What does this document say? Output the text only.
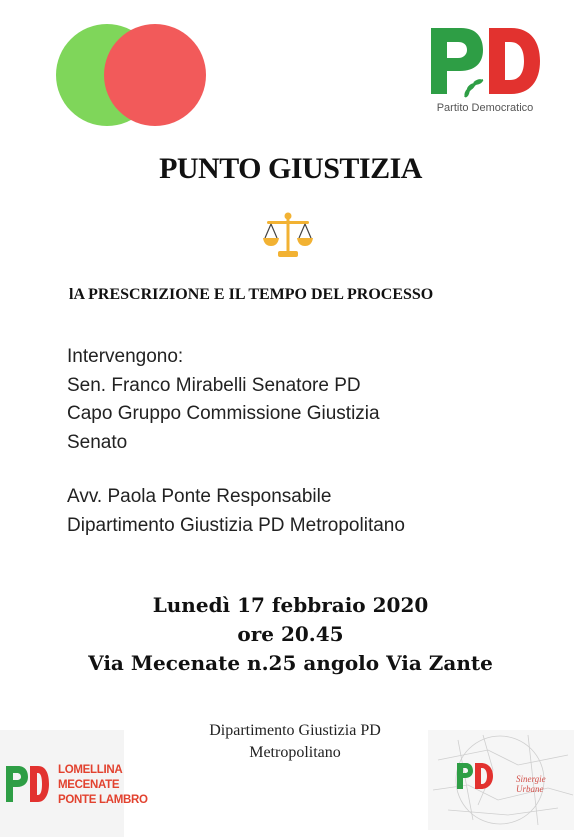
Partito Democratico
PUNTO GIUSTIZIA
lA PRESCRIZIONE E IL TEMPO DEL PROCESSO
Intervengono:
Sen. Franco Mirabelli Senatore PD
Capo Gruppo Commissione Giustizia
Senato
Avv. Paola Ponte Responsabile
Dipartimento Giustizia PD Metropolitano
Lunedì 17 febbraio 2020
ore 20.45
Via Mecenate n.25 angolo Via Zante
Dipartimento Giustizia PD
Metropolitano
LOMELLINA
MECENATE
PONTE LAMBRO
Sinergie
Urbane
